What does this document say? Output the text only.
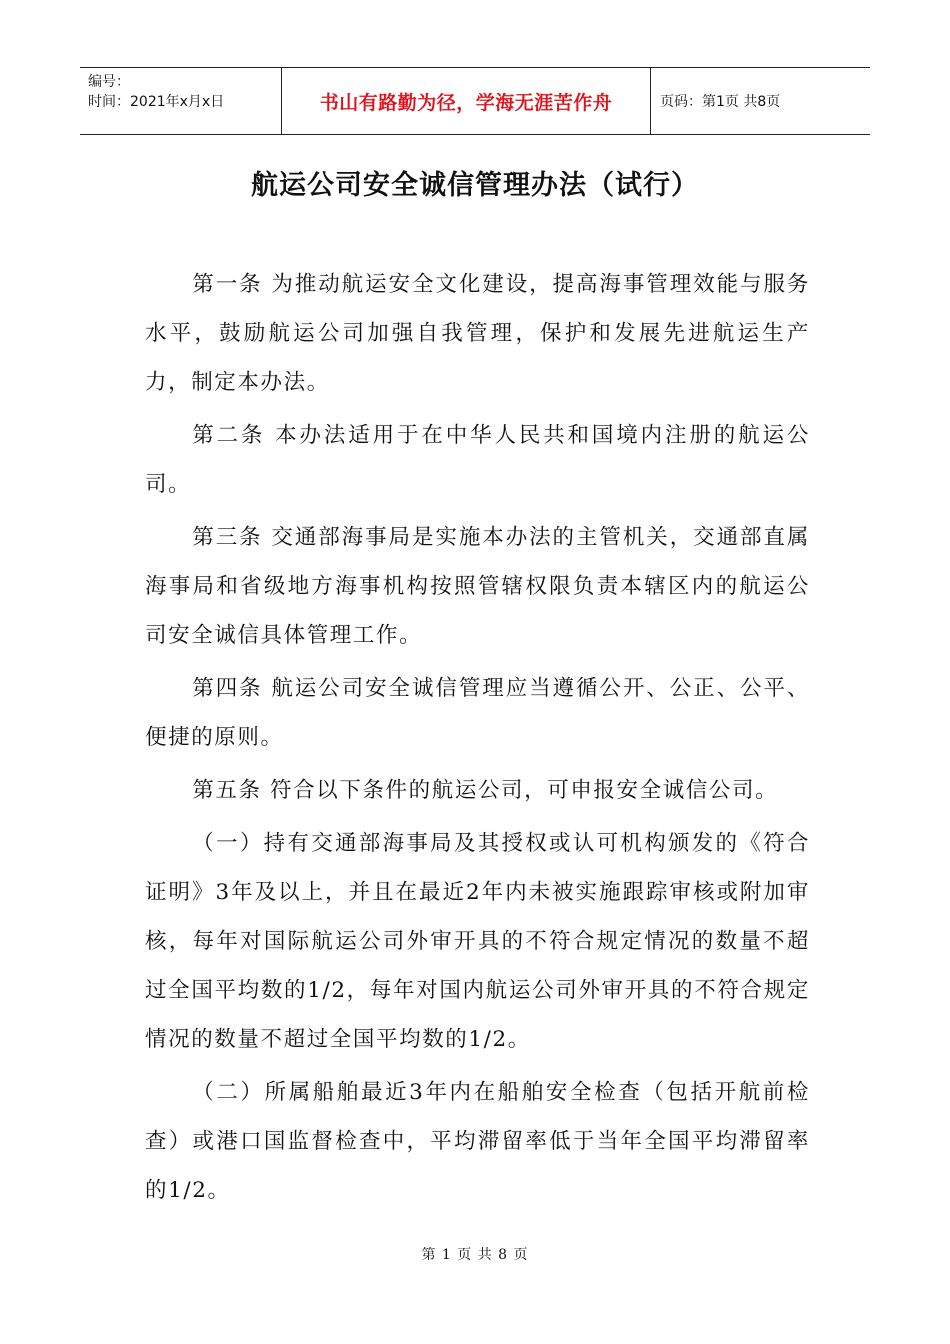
编号：
时间：2021年x月x日	书山有路勤为径，学海无涯苦作舟	页码：第1页 共8页
航运公司安全诚信管理办法（试行）

第一条 为推动航运安全文化建设，提高海事管理效能与服务水平，鼓励航运公司加强自我管理，保护和发展先进航运生产力，制定本办法。

第二条 本办法适用于在中华人民共和国境内注册的航运公司。

第三条 交通部海事局是实施本办法的主管机关，交通部直属海事局和省级地方海事机构按照管辖权限负责本辖区内的航运公司安全诚信具体管理工作。

第四条 航运公司安全诚信管理应当遵循公开、公正、公平、便捷的原则。

第五条 符合以下条件的航运公司，可申报安全诚信公司。

（一）持有交通部海事局及其授权或认可机构颁发的《符合证明》3年及以上，并且在最近2年内未被实施跟踪审核或附加审核，每年对国际航运公司外审开具的不符合规定情况的数量不超过全国平均数的1/2，每年对国内航运公司外审开具的不符合规定情况的数量不超过全国平均数的1/2。

（二）所属船舶最近3年内在船舶安全检查（包括开航前检查）或港口国监督检查中，平均滞留率低于当年全国平均滞留率的1/2。

第 1 页 共 8 页
